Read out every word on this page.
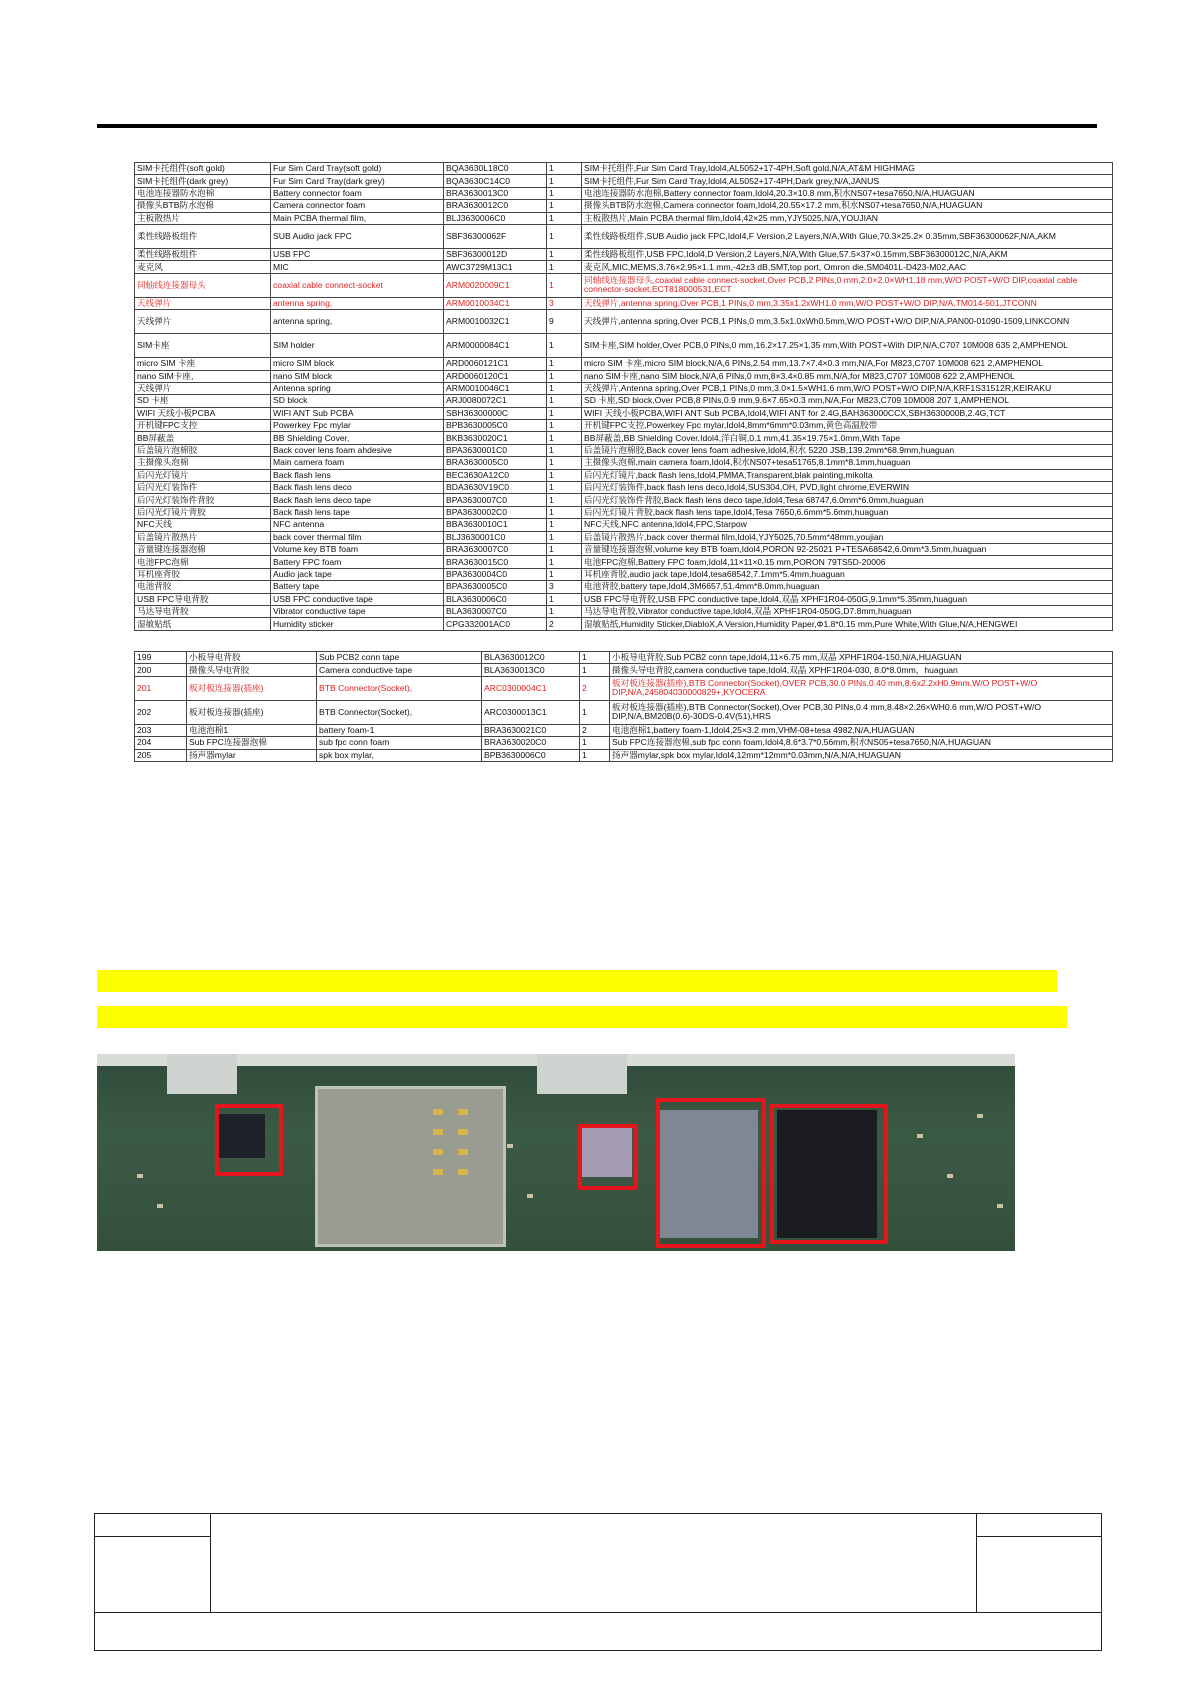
SIM卡托组件(soft gold)	Fur Sim Card Tray(soft gold)	BQA3630L18C0	1	SIM卡托组件,Fur Sim Card Tray,Idol4,AL5052+17-4PH,Soft gold,N/A,AT&M HIGHMAG
SIM卡托组件(dark grey)	Fur Sim Card Tray(dark grey)	BQA3630C14C0	1	SIM卡托组件,Fur Sim Card Tray,Idol4,AL5052+17-4PH,Dark grey,N/A,JANUS
电池连接器防水泡棉	Battery connector foam	BRA3630013C0	1	电池连接器防水泡棉,Battery connector foam,Idol4,20.3×10.8 mm,积水NS07+tesa7650,N/A,HUAGUAN
摄像头BTB防水泡棉	Camera connector foam	BRA3630012C0	1	摄像头BTB防水泡棉,Camera connector foam,Idol4,20.55×17.2 mm,积水NS07+tesa7650,N/A,HUAGUAN
主板散热片	Main PCBA thermal film,	BLJ3630006C0	1	主板散热片,Main PCBA thermal film,Idol4,42×25 mm,YJY5025,N/A,YOUJIAN
柔性线路板组件	SUB Audio jack FPC	SBF36300062F	1	柔性线路板组件,SUB Audio jack FPC,Idol4,F Version,2 Layers,N/A,With Glue,70.3×25.2× 0.35mm,SBF36300062F,N/A,AKM
柔性线路板组件	USB FPC	SBF36300012D	1	柔性线路板组件,USB FPC,Idol4,D Version,2 Layers,N/A,With Glue,57.5×37×0.15mm,SBF36300012C,N/A,AKM
麦克风	MIC	AWC3729M13C1	1	麦克风,MIC,MEMS,3.76×2.95×1.1 mm,-42±3 dB,SMT,top port, Omron die,SM0401L-D423-M02,AAC
同轴线连接器母头	coaxial cable connect-socket	ARM0020009C1	1	同轴线连接器母头,coaxial cable connect-socket,Over PCB,2 PINs,0 mm,2.0×2.0×WH1.18 mm,W/O POST+W/O DIP,coaxial cable connector-socket,ECT818000531,ECT
天线弹片	antenna spring,	ARM0010034C1	3	天线弹片,antenna spring,Over PCB,1 PINs,0 mm,3.35x1.2xWH1.0 mm,W/O POST+W/O DIP,N/A,TM014-501,JTCONN
天线弹片	antenna spring,	ARM0010032C1	9	天线弹片,antenna spring,Over PCB,1 PINs,0 mm,3.5x1.0xWh0.5mm,W/O POST+W/O DIP,N/A,PAN00-01090-1509,LINKCONN
SIM卡座	SIM holder	ARM0000084C1	1	SIM卡座,SIM holder,Over PCB,0 PINs,0 mm,16.2×17.25×1.35 mm,With POST+With DIP,N/A,C707 10M008 635 2,AMPHENOL
micro SIM 卡座	micro SIM block	ARD0060121C1	1	micro SIM 卡座,micro SIM block,N/A,6 PINs,2.54 mm,13.7×7.4×0.3 mm,N/A,For M823,C707 10M008 621 2,AMPHENOL
nano SIM卡座,	nano SIM block	ARD0060120C1	1	nano SIM卡座,nano SIM block,N/A,6 PINs,0 mm,8×3.4×0.85 mm,N/A,for M823,C707 10M008 622 2,AMPHENOL
天线弹片	Antenna spring	ARM0010046C1	1	天线弹片,Antenna spring,Over PCB,1 PINs,0 mm,3.0×1.5×WH1.6 mm,W/O POST+W/O DIP,N/A,KRF1S31512R,KEIRAKU
SD 卡座	SD block	ARJ0080072C1	1	SD 卡座,SD block,Over PCB,8 PINs,0.9 mm,9.6×7.65×0.3 mm,N/A,For M823,C709 10M008 207 1,AMPHENOL
WIFI 天线小板PCBA	WIFI ANT Sub PCBA	SBH36300000C	1	WIFI 天线小板PCBA,WIFI ANT Sub PCBA,Idol4,WIFI ANT for 2.4G,BAH363000CCX,SBH3630000B,2.4G,TCT
开机键FPC支控	Powerkey Fpc mylar	BPB3630005C0	1	开机键FPC支控,Powerkey Fpc mylar,Idol4,8mm*6mm*0.03mm,黄色高温胶带
BB屏蔽盖	BB Shielding Cover,	BKB3630020C1	1	BB屏蔽盖,BB Shielding Cover,Idol4,洋白铜,0.1 mm,41.35×19.75×1.0mm,With Tape
后盖镜片泡棉胶	Back cover lens foam ahdesive	BPA3630001C0	1	后盖镜片泡棉胶,Back cover lens foam adhesive,Idol4,积水 5220 JSB,139.2mm*68.9mm,huaguan
主摄像头泡棉	Main camera foam	BRA3630005C0	1	主摄像头泡棉,main camera foam,Idol4,积水NS07+tesa51765,8.1mm*8.1mm,huaguan
后闪光灯镜片	Back flash lens	BEC3630A12C0	1	后闪光灯镜片,back flash lens,Idol4,PMMA,Transparent,blak painting,mikolta
后闪光灯装饰件	Back flash lens deco	BDA3630V19C0	1	后闪光灯装饰件,back flash lens deco,Idol4,SUS304,OH, PVD,light chrome,EVERWIN
后闪光灯装饰件背胶	Back flash lens deco tape	BPA3630007C0	1	后闪光灯装饰件背胶,Back flash lens deco tape,Idol4,Tesa 68747,6.0mm*6.0mm,huaguan
后闪光灯镜片背胶	Back flash lens tape	BPA3630002C0	1	后闪光灯镜片背胶,back flash lens tape,Idol4,Tesa 7650,6.6mm*5.6mm,huaguan
NFC天线	NFC antenna	BBA3630010C1	1	NFC天线,NFC antenna,Idol4,FPC,Starpow
后盖镜片散热片	back cover thermal film	BLJ3630001C0	1	后盖镜片散热片,back cover thermal film,Idol4,YJY5025,70.5mm*48mm,youjian
音量键连接器泡棉	Volume key BTB foam	BRA3630007C0	1	音量键连接器泡棉,volume key BTB foam,Idol4,PORON 92-25021 P+TESA68542,6.0mm*3.5mm,huaguan
电池FPC泡棉	Battery FPC foam	BRA3630015C0	1	电池FPC泡棉,Battery FPC foam,Idol4,11×11×0.15 mm,PORON 79TS5D-20006
耳机座背胶	Audio jack tape	BPA3630004C0	1	耳机座背胶,audio jack tape,Idol4,tesa68542,7.1mm*5.4mm,huaguan
电池背胶	Battery tape	BPA3630005C0	3	电池背胶,battery tape,Idol4,3M6657,51.4mm*8.0mm,huaguan
USB FPC导电背胶	USB FPC conductive tape	BLA3630006C0	1	USB FPC导电背胶,USB FPC conductive tape,Idol4,双晶 XPHF1R04-050G,9.1mm*5.35mm,huaguan
马达导电背胶	Vibrator conductive tape	BLA3630007C0	1	马达导电背胶,Vibrator conductive tape,Idol4,双晶 XPHF1R04-050G,D7.8mm,huaguan
湿敏贴纸	Humidity sticker	CPG332001AC0	2	湿敏贴纸,Humidity Sticker,DiabloX,A Version,Humidity Paper,Φ1.8*0.15 mm,Pure White,With Glue,N/A,HENGWEI
199	小板导电背胶	Sub PCB2 conn tape	BLA3630012C0	1	小板导电背胶,Sub PCB2 conn tape,Idol4,11×6.75 mm,双晶 XPHF1R04-150,N/A,HUAGUAN
200	摄像头导电背胶	Camera conductive tape	BLA3630013C0	1	摄像头导电背胶,camera conductive tape,Idol4,双晶 XPHF1R04-030, 8.0*8.0mm，huaguan
201	板对板连接器(插座)	BTB Connector(Socket),	ARC0300004C1	2	板对板连接器(插座),BTB Connector(Socket),OVER PCB,30.0 PINs,0.40 mm,8.6x2.2xH0.9mm,W/O POST+W/O DIP,N/A,245804030000829+,KYOCERA
202	板对板连接器(插座)	BTB Connector(Socket),	ARC0300013C1	1	板对板连接器(插座),BTB Connector(Socket),Over PCB,30 PINs,0.4 mm,8.48×2.26×WH0.6 mm,W/O POST+W/O DIP,N/A,BM20B(0.6)-30DS-0.4V(51),HRS
203	电池泡棉1	battery foam-1	BRA3630021C0	2	电池泡棉1,battery foam-1,Idol4,25×3.2 mm,VHM-08+tesa 4982,N/A,HUAGUAN
204	Sub FPC连接器泡棉	sub fpc conn foam	BRA3630020C0	1	Sub FPC连接器泡棉,sub fpc conn foam,Idol4,8.6*3.7*0.56mm,积水NS05+tesa7650,N/A,HUAGUAN
205	扬声器mylar	spk box mylar,	BPB3630006C0	1	扬声器mylar,spk box mylar,Idol4,12mm*12mm*0.03mm,N/A,N/A,HUAGUAN
